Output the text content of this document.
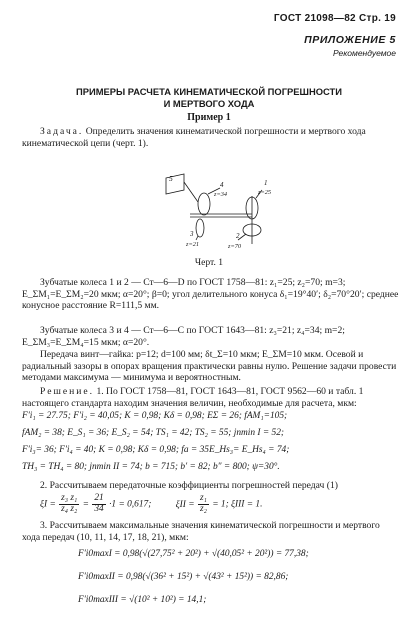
ГОСТ 21098—82 Стр. 19
ПРИЛОЖЕНИЕ 5
Рекомендуемое
ПРИМЕРЫ РАСЧЕТА КИНЕМАТИЧЕСКОЙ ПОГРЕШНОСТИ
И МЕРТВОГО ХОДА
Пример 1
Задача. Определить значения кинематической погрешности и мертвого хода кинематической цепи (черт. 1).
5
4
z=34
1
z=25
3
z=21
2
z=70
Черт. 1
Зубчатые колеса 1 и 2 — Ст—6—D по ГОСТ 1758—81: z₁=25; z₂=70; m=3; E_ΣM₁=E_ΣM₂=20 мкм; α=20°; β=0; угол делительного конуса δ₁=19°40′; δ₂=70°20′; среднее конусное расстояние R=111,5 мм.
Зубчатые колеса 3 и 4 — Ст—6—С по ГОСТ 1643—81: z₃=21; z₄=34; m=2; E_ΣM₃=E_ΣM₄=15 мкм; α=20°.
Передача винт—гайка: p=12; d=100 мм; δt_Σ=10 мкм; E_ΣM=10 мкм. Осевой и радиальный зазоры в опорах вращения практически равны нулю. Решение задачи провести методами максимума — минимума и вероятностным.
Решение. 1. По ГОСТ 1758—81, ГОСТ 1643—81, ГОСТ 9562—60 и табл. 1 настоящего стандарта находим значения величин, необходимые для расчета, мкм:
F′i₁ = 27.75; F′i₂ = 40,05; K = 0,98; Kδ = 0,98; EΣ = 26; fAM₁=105;
fAM₂ = 38; E_S₁ = 36; E_S₂ = 54; TS₁ = 42; TS₂ = 55; jnmin I = 52;
F′i₃= 36; F′i₄ = 40; K = 0,98; Kδ = 0,98; fa = 35E_Hs₃= E_Hs₄ = 74;
TH₃ = TH₄ = 80; jnmin II = 74; b = 715; b′ = 82; b″ = 800; ψ=30°.
2. Рассчитываем передаточные коэффициенты погрешностей передач (1)
$\xi I = \frac{\text{z₃ z₁}}{\text{z₄ z₂}} = \frac{21}{34} \cdot 1 = 0,617$;	$\xi II = \frac{\text{z₁}}{\text{z₂}} = 1$; ξIII = 1.
3. Рассчитываем максимальные значения кинематической погрешности и мертвого хода передач (10, 11, 14, 17, 18, 21), мкм:
F′i0maxI = 0,98(√(27,75² + 20²) + √(40,05² + 20²)) = 77,38;
F′i0maxII = 0,98(√(36² + 15²) + √(43² + 15²)) = 82,86;
F′i0maxIII = √(10² + 10²) = 14,1;
